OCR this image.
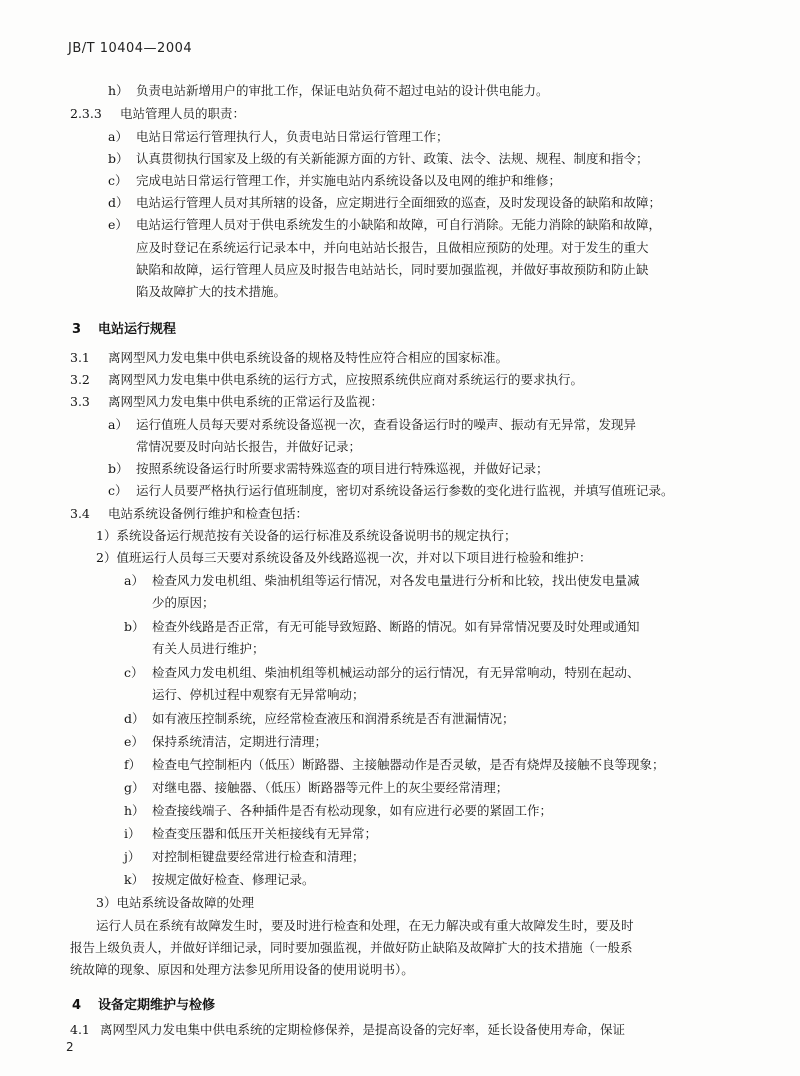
JB/T 10404—2004
h） 负责电站新增用户的审批工作，保证电站负荷不超过电站的设计供电能力。
2.3.3 电站管理人员的职责：
a） 电站日常运行管理执行人，负责电站日常运行管理工作；
b） 认真贯彻执行国家及上级的有关新能源方面的方针、政策、法令、法规、规程、制度和指令；
c） 完成电站日常运行管理工作，并实施电站内系统设备以及电网的维护和维修；
d） 电站运行管理人员对其所辖的设备，应定期进行全面细致的巡查，及时发现设备的缺陷和故障；
e） 电站运行管理人员对于供电系统发生的小缺陷和故障，可自行消除。无能力消除的缺陷和故障，
应及时登记在系统运行记录本中，并向电站站长报告，且做相应预防的处理。对于发生的重大
缺陷和故障，运行管理人员应及时报告电站站长，同时要加强监视，并做好事故预防和防止缺
陷及故障扩大的技术措施。
3 电站运行规程
3.1 离网型风力发电集中供电系统设备的规格及特性应符合相应的国家标准。
3.2 离网型风力发电集中供电系统的运行方式，应按照系统供应商对系统运行的要求执行。
3.3 离网型风力发电集中供电系统的正常运行及监视：
a） 运行值班人员每天要对系统设备巡视一次，查看设备运行时的噪声、振动有无异常，发现异
常情况要及时向站长报告，并做好记录；
b） 按照系统设备运行时所要求需特殊巡查的项目进行特殊巡视，并做好记录；
c） 运行人员要严格执行运行值班制度，密切对系统设备运行参数的变化进行监视，并填写值班记录。
3.4 电站系统设备例行维护和检查包括：
1）系统设备运行规范按有关设备的运行标准及系统设备说明书的规定执行；
2）值班运行人员每三天要对系统设备及外线路巡视一次，并对以下项目进行检验和维护：
a） 检查风力发电机组、柴油机组等运行情况，对各发电量进行分析和比较，找出使发电量减
少的原因；
b） 检查外线路是否正常，有无可能导致短路、断路的情况。如有异常情况要及时处理或通知
有关人员进行维护；
c） 检查风力发电机组、柴油机组等机械运动部分的运行情况，有无异常响动，特别在起动、
运行、停机过程中观察有无异常响动；
d） 如有液压控制系统，应经常检查液压和润滑系统是否有泄漏情况；
e） 保持系统清洁，定期进行清理；
f） 检查电气控制柜内（低压）断路器、主接触器动作是否灵敏，是否有烧焊及接触不良等现象；
g） 对继电器、接触器、（低压）断路器等元件上的灰尘要经常清理；
h） 检查接线端子、各种插件是否有松动现象，如有应进行必要的紧固工作；
i） 检查变压器和低压开关柜接线有无异常；
j） 对控制柜键盘要经常进行检查和清理；
k） 按规定做好检查、修理记录。
3）电站系统设备故障的处理
运行人员在系统有故障发生时，要及时进行检查和处理，在无力解决或有重大故障发生时，要及时
报告上级负责人，并做好详细记录，同时要加强监视，并做好防止缺陷及故障扩大的技术措施（一般系
统故障的现象、原因和处理方法参见所用设备的使用说明书）。
4 设备定期维护与检修
4.1 离网型风力发电集中供电系统的定期检修保养，是提高设备的完好率，延长设备使用寿命，保证
2
